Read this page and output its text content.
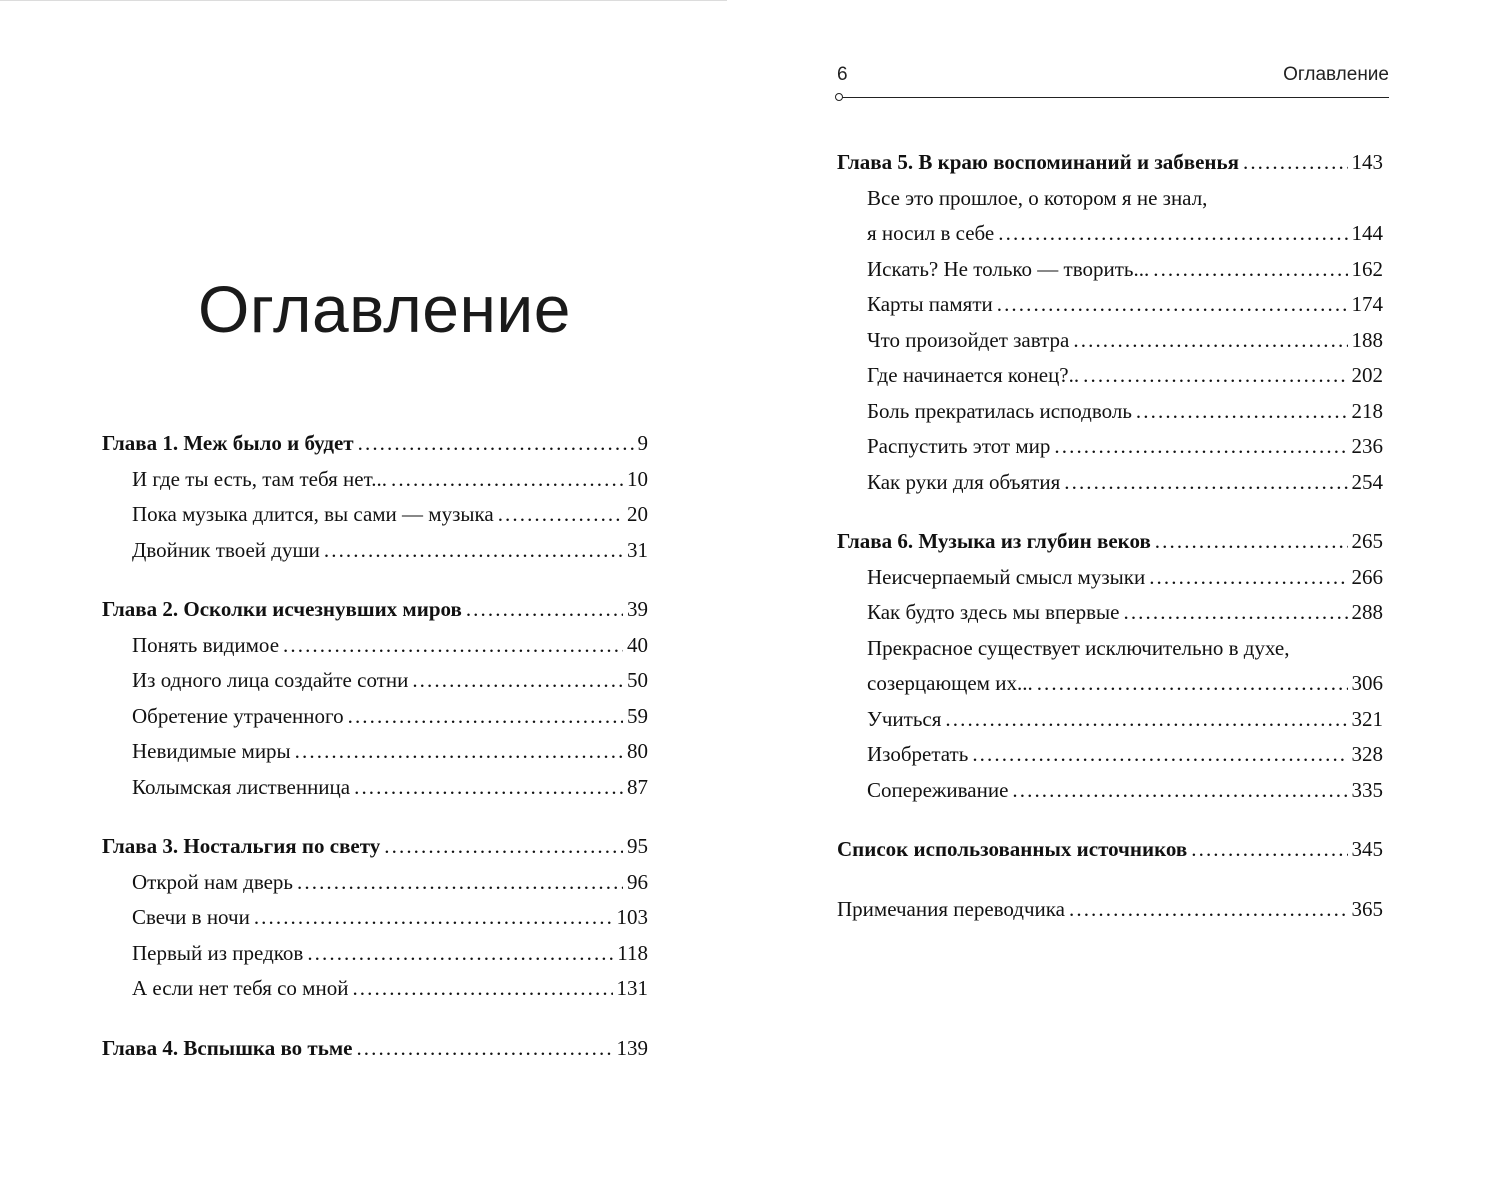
Оглавление
Глава 1. Меж было и будет .....	9
И где ты есть, там тебя нет... .....	10
Пока музыка длится, вы сами — музыка .....	20
Двойник твоей души .....	31
Глава 2. Осколки исчезнувших миров .....	39
Понять видимое .....	40
Из одного лица создайте сотни .....	50
Обретение утраченного .....	59
Невидимые миры .....	80
Колымская лиственница .....	87
Глава 3. Ностальгия по свету .....	95
Открой нам дверь .....	96
Свечи в ночи .....	103
Первый из предков .....	118
А если нет тебя со мной .....	131
Глава 4. Вспышка во тьме .....	139
6	Оглавление
Глава 5. В краю воспоминаний и забвенья .....	143
Все это прошлое, о котором я не знал,
я носил в себе .....	144
Искать? Не только — творить... .....	162
Карты памяти .....	174
Что произойдет завтра .....	188
Где начинается конец?.. .....	202
Боль прекратилась исподволь .....	218
Распустить этот мир .....	236
Как руки для объятия .....	254
Глава 6. Музыка из глубин веков .....	265
Неисчерпаемый смысл музыки .....	266
Как будто здесь мы впервые .....	288
Прекрасное существует исключительно в духе,
созерцающем их... .....	306
Учиться .....	321
Изобретать .....	328
Сопереживание .....	335
Список использованных источников .....	345
Примечания переводчика .....	365
